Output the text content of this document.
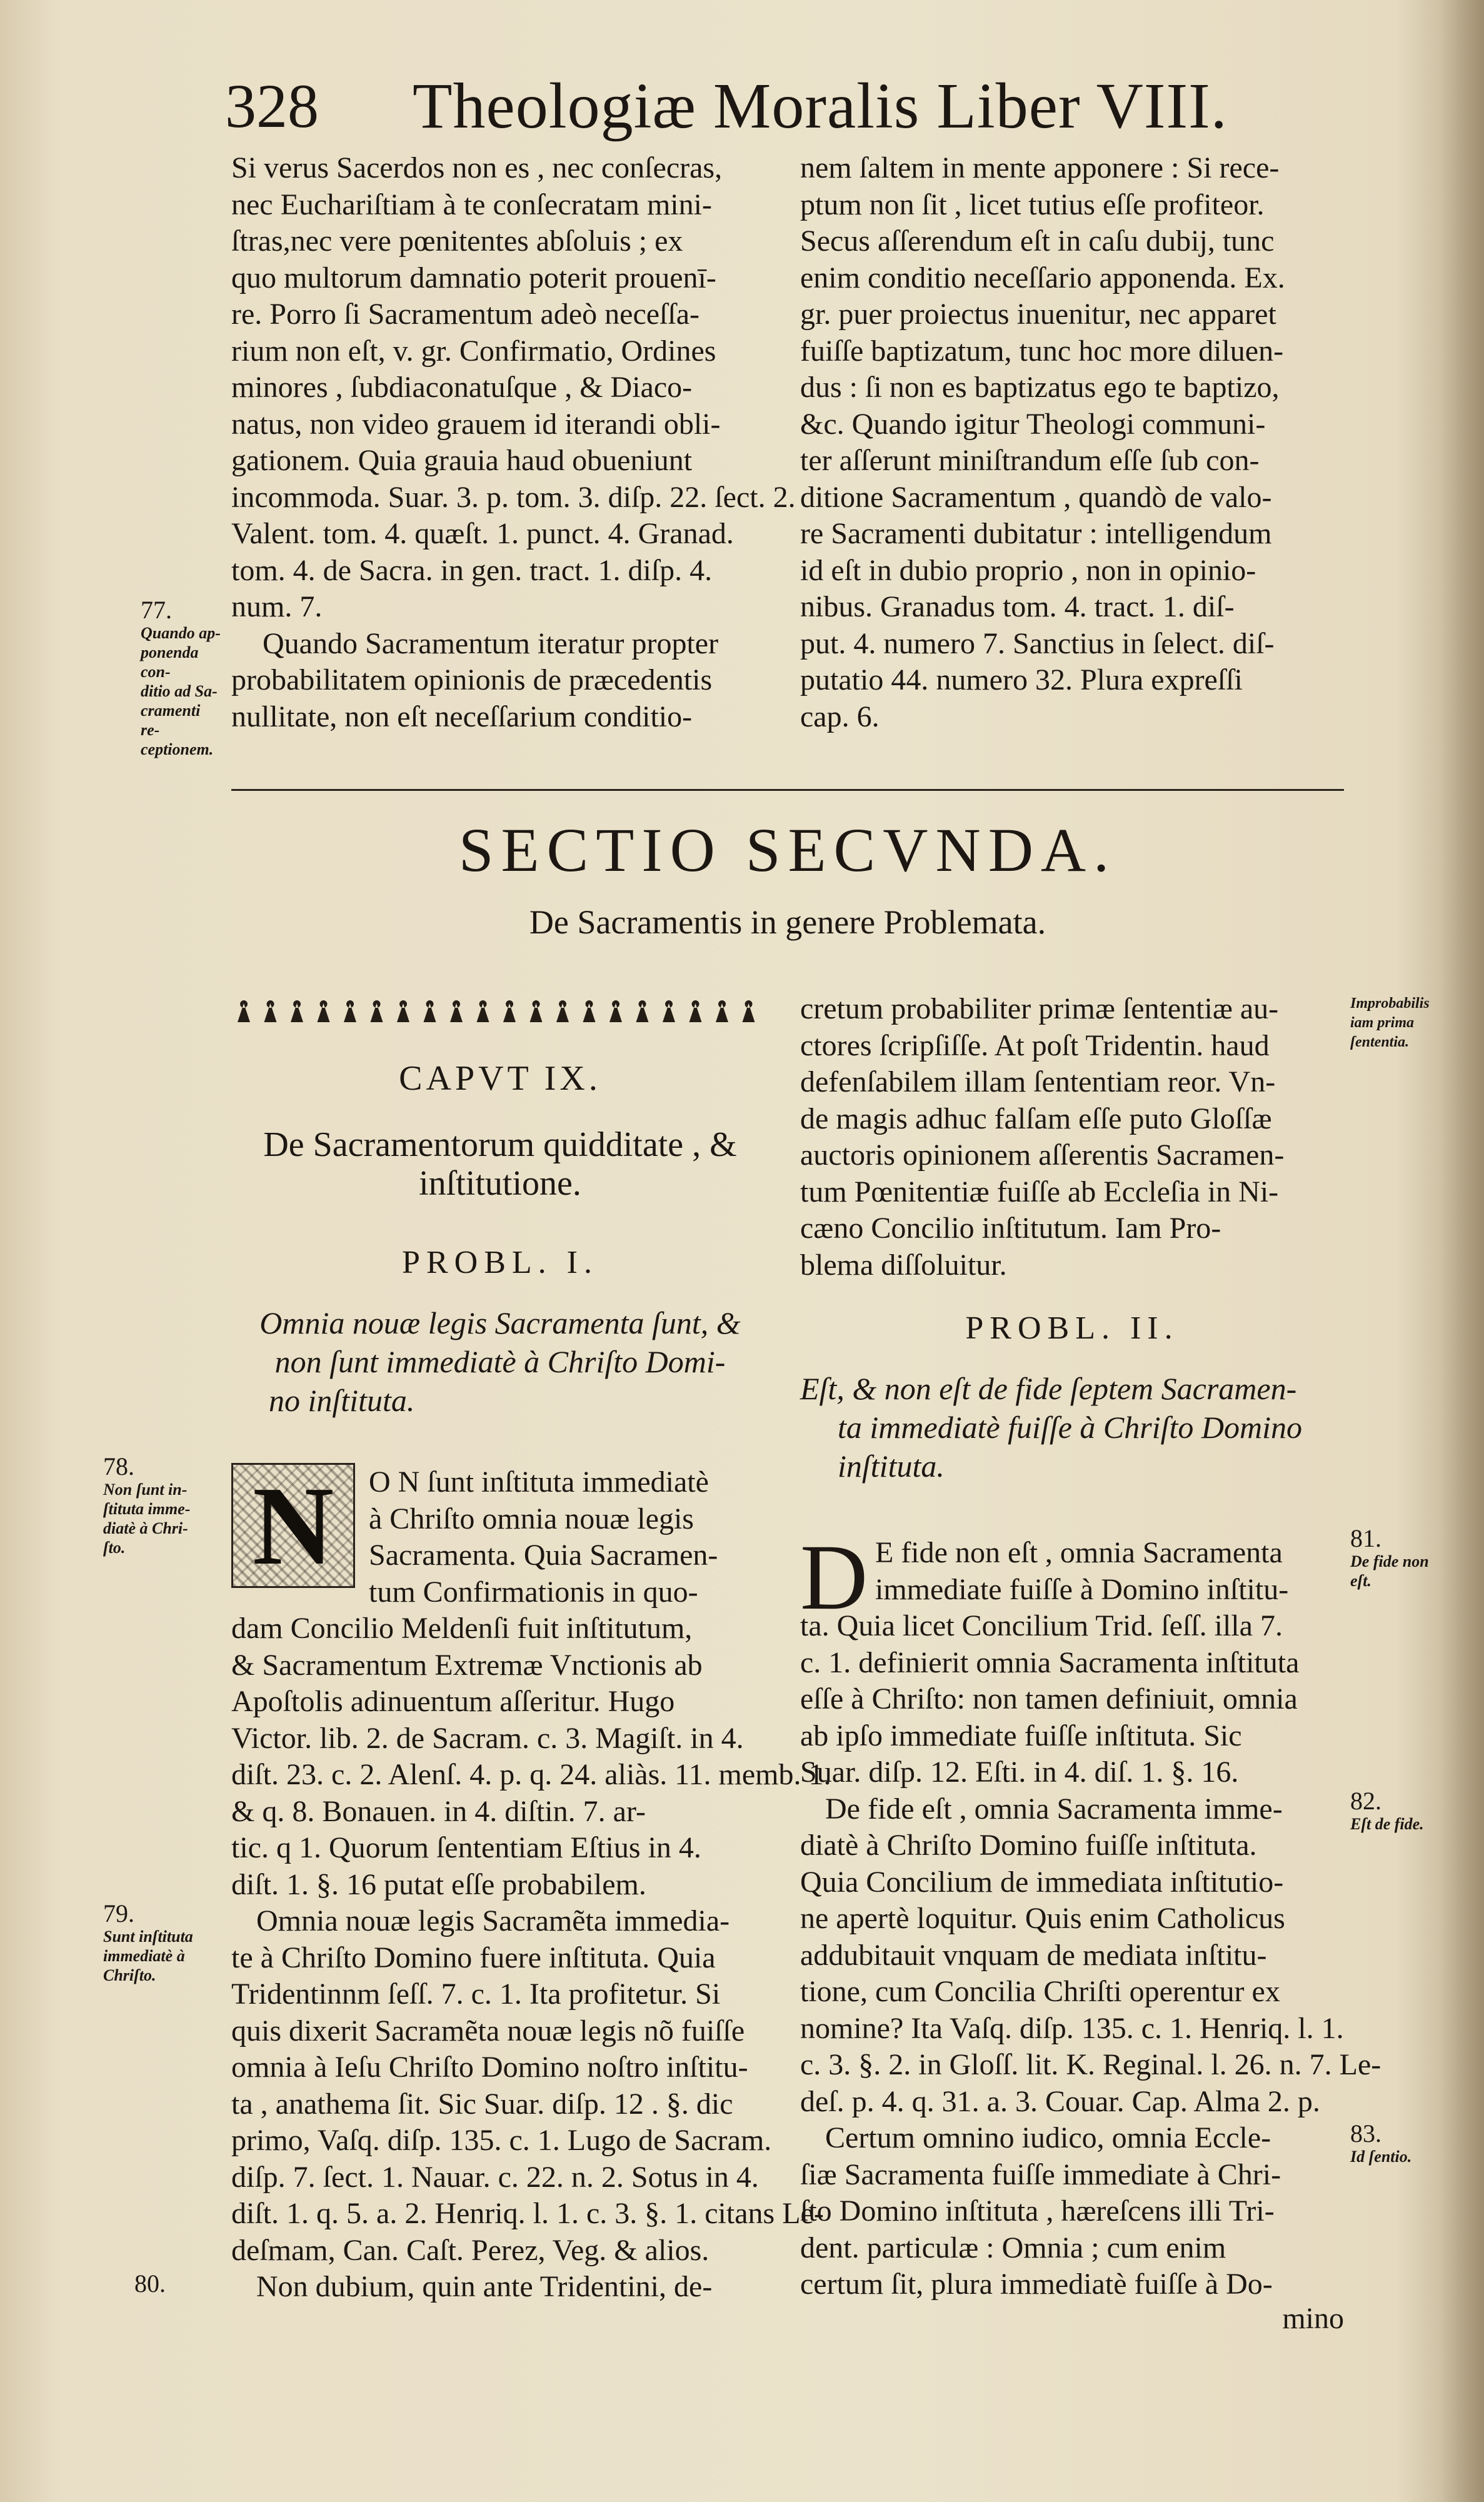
328 Theologiæ Moralis Liber VIII.
Si verus Sacerdos non es , nec conſecras,
nec Euchariſtiam à te conſecratam mini-
ſtras,nec vere pœnitentes abſoluis ; ex
quo multorum damnatio poterit prouenī-
re. Porro ſi Sacramentum adeò neceſſa-
rium non eſt, v. gr. Confirmatio, Ordines
minores , ſubdiaconatuſque , & Diaco-
natus, non video grauem id iterandi obli-
gationem. Quia grauia haud obueniunt
incommoda. Suar. 3. p. tom. 3. diſp. 22. ſect. 2.
Valent. tom. 4. quæſt. 1. punct. 4. Granad.
tom. 4. de Sacra. in gen. tract. 1. diſp. 4.
num. 7.
Quando Sacramentum iteratur propter
probabilitatem opinionis de præcedentis
nullitate, non eſt neceſſarium conditio-
nem ſaltem in mente apponere : Si rece-
ptum non ſit , licet tutius eſſe profiteor.
Secus aſſerendum eſt in caſu dubij, tunc
enim conditio neceſſario apponenda. Ex.
gr. puer proiectus inuenitur, nec apparet
fuiſſe baptizatum, tunc hoc more diluen-
dus : ſi non es baptizatus ego te baptizo,
&c. Quando igitur Theologi communi-
ter aſſerunt miniſtrandum eſſe ſub con-
ditione Sacramentum , quandò de valo-
re Sacramenti dubitatur : intelligendum
id eſt in dubio proprio , non in opinio-
nibus. Granadus tom. 4. tract. 1. diſ-
put. 4. numero 7. Sanctius in ſelect. diſ-
putatio 44. numero 32. Plura expreſſi
cap. 6.
77.
Quando ap-
ponenda con-
ditio ad Sa-
cramenti re-
ceptionem.
SECTIO SECVNDA.
De Sacramentis in genere Problemata.
CAPVT IX.
De Sacramentorum quidditate , &
inſtitutione.
PROBL. I.
Omnia nouæ legis Sacramenta ſunt, &
non ſunt immediatè à Chriſto Domi-
no inſtituta.
N
78.
Non ſunt in-
ſtituta imme-
diatè à Chri-
ſto.
79.
Sunt inſtituta
immediatè à
Chriſto.
80.
O N ſunt inſtituta immediatè
à Chriſto omnia nouæ legis
Sacramenta. Quia Sacramen-
tum Confirmationis in quo-
dam Concilio Meldenſi fuit inſtitutum,
& Sacramentum Extremæ Vnctionis ab
Apoſtolis adinuentum aſſeritur. Hugo
Victor. lib. 2. de Sacram. c. 3. Magiſt. in 4.
diſt. 23. c. 2. Alenſ. 4. p. q. 24. aliàs. 11. memb. 1.
& q. 8. Bonauen. in 4. diſtin. 7. ar-
tic. q 1. Quorum ſententiam Eſtius in 4.
diſt. 1. §. 16 putat eſſe probabilem.
Omnia nouæ legis Sacramẽta immedia-
te à Chriſto Domino fuere inſtituta. Quia
Tridentinnm ſeſſ. 7. c. 1. Ita profitetur. Si
quis dixerit Sacramẽta nouæ legis nõ fuiſſe
omnia à Ieſu Chriſto Domino noſtro inſtitu-
ta , anathema ſit. Sic Suar. diſp. 12 . §. dic
primo, Vaſq. diſp. 135. c. 1. Lugo de Sacram.
diſp. 7. ſect. 1. Nauar. c. 22. n. 2. Sotus in 4.
diſt. 1. q. 5. a. 2. Henriq. l. 1. c. 3. §. 1. citans Le-
deſmam, Can. Caſt. Perez, Veg. & alios.
Non dubium, quin ante Tridentini, de-
cretum probabiliter primæ ſententiæ au-
ctores ſcripſiſſe. At poſt Tridentin. haud
defenſabilem illam ſententiam reor. Vn-
de magis adhuc falſam eſſe puto Gloſſæ
auctoris opinionem aſſerentis Sacramen-
tum Pœnitentiæ fuiſſe ab Eccleſia in Ni-
cæno Concilio inſtitutum. Iam Pro-
blema diſſoluitur.
Improbabilis
iam prima
ſententia.
PROBL. II.
Eſt, & non eſt de fide ſeptem Sacramen-
ta immediatè fuiſſe à Chriſto Domino
inſtituta.
D E fide non eſt , omnia Sacramenta
immediate fuiſſe à Domino inſtitu-
ta. Quia licet Concilium Trid. ſeſſ. illa 7.
c. 1. definierit omnia Sacramenta inſtituta
eſſe à Chriſto: non tamen definiuit, omnia
ab ipſo immediate fuiſſe inſtituta. Sic
Suar. diſp. 12. Eſti. in 4. diſ. 1. §. 16.
De fide eſt , omnia Sacramenta imme-
diatè à Chriſto Domino fuiſſe inſtituta.
Quia Concilium de immediata inſtitutio-
ne apertè loquitur. Quis enim Catholicus
addubitauit vnquam de mediata inſtitu-
tione, cum Concilia Chriſti operentur ex
nomine? Ita Vaſq. diſp. 135. c. 1. Henriq. l. 1.
c. 3. §. 2. in Gloſſ. lit. K. Reginal. l. 26. n. 7. Le-
deſ. p. 4. q. 31. a. 3. Couar. Cap. Alma 2. p.
Certum omnino iudico, omnia Eccle-
ſiæ Sacramenta fuiſſe immediate à Chri-
ſto Domino inſtituta , hæreſcens illi Tri-
dent. particulæ : Omnia ; cum enim
certum ſit, plura immediatè fuiſſe à Do-
81.
De fide non
eſt.
82.
Eſt de fide.
83.
Id ſentio.
mino
